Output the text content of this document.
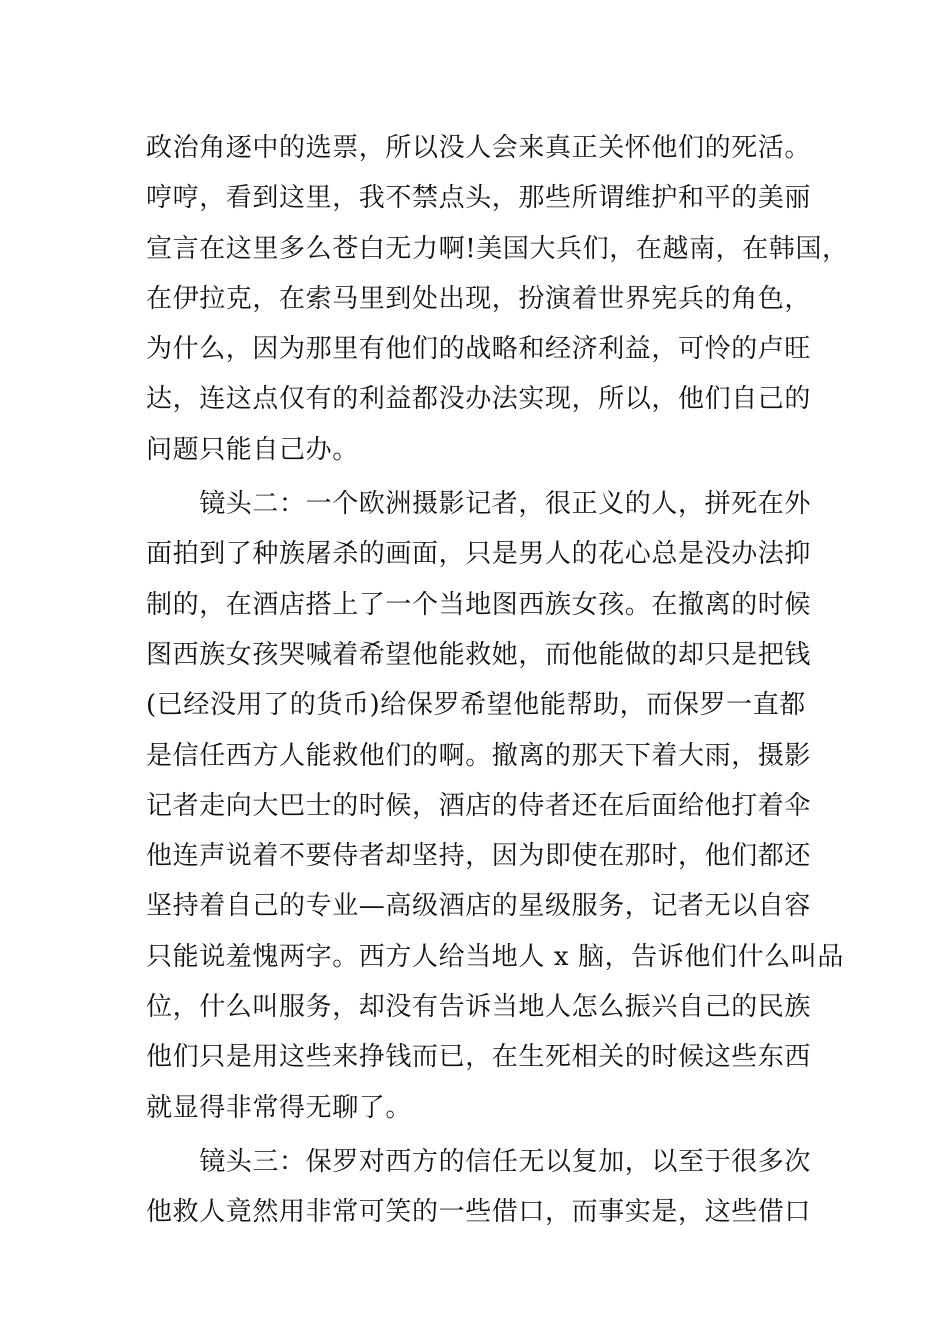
政治角逐中的选票，所以没人会来真正关怀他们的死活。
哼哼，看到这里，我不禁点头，那些所谓维护和平的美丽
宣言在这里多么苍白无力啊!美国大兵们，在越南，在韩国，
在伊拉克，在索马里到处出现，扮演着世界宪兵的角色，
为什么，因为那里有他们的战略和经济利益，可怜的卢旺
达，连这点仅有的利益都没办法实现，所以，他们自己的
问题只能自己办。
　　镜头二：一个欧洲摄影记者，很正义的人，拼死在外
面拍到了种族屠杀的画面，只是男人的花心总是没办法抑
制的，在酒店搭上了一个当地图西族女孩。在撤离的时候
图西族女孩哭喊着希望他能救她，而他能做的却只是把钱
(已经没用了的货币)给保罗希望他能帮助，而保罗一直都
是信任西方人能救他们的啊。撤离的那天下着大雨，摄影
记者走向大巴士的时候，酒店的侍者还在后面给他打着伞
他连声说着不要侍者却坚持，因为即使在那时，他们都还
坚持着自己的专业—高级酒店的星级服务，记者无以自容
只能说羞愧两字。西方人给当地人 x 脑，告诉他们什么叫品
位，什么叫服务，却没有告诉当地人怎么振兴自己的民族
他们只是用这些来挣钱而已，在生死相关的时候这些东西
就显得非常得无聊了。
　　镜头三：保罗对西方的信任无以复加，以至于很多次
他救人竟然用非常可笑的一些借口，而事实是，这些借口
